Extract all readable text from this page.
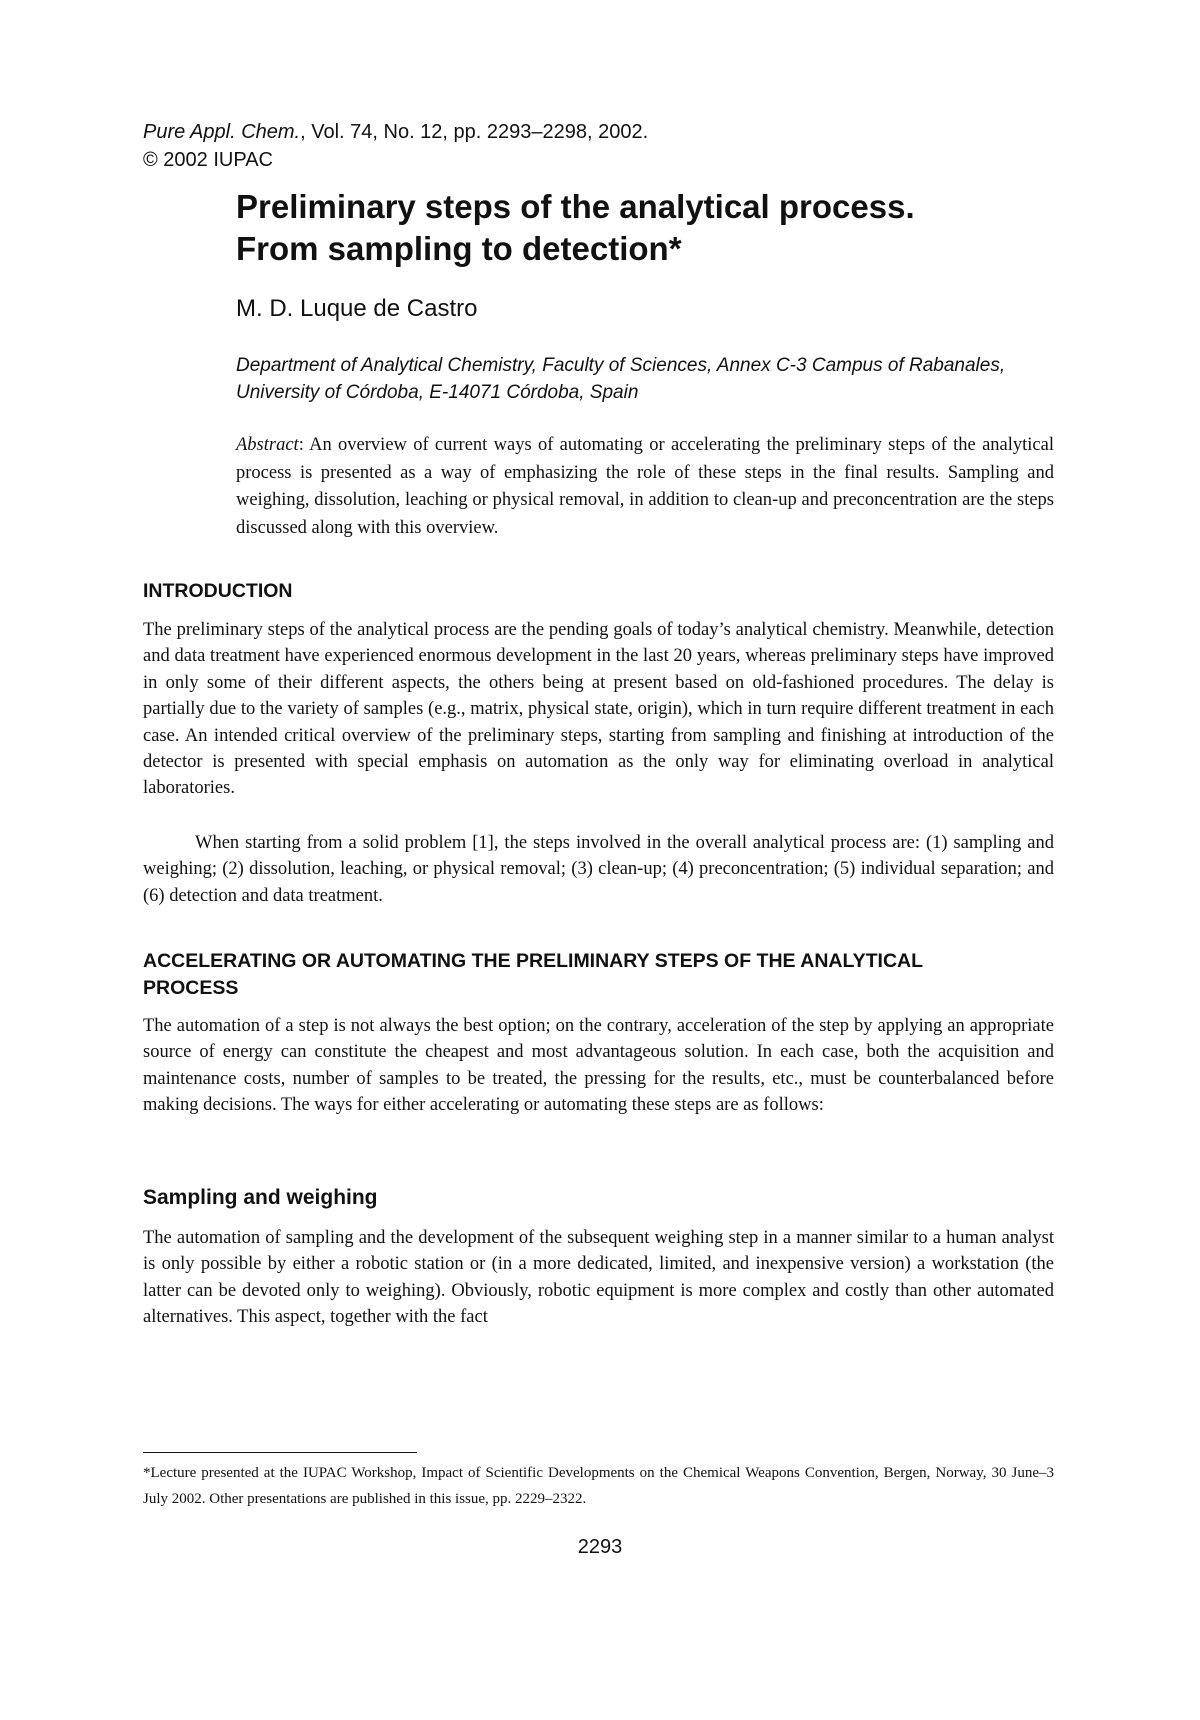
Pure Appl. Chem., Vol. 74, No. 12, pp. 2293–2298, 2002.
© 2002 IUPAC
Preliminary steps of the analytical process.
From sampling to detection*
M. D. Luque de Castro
Department of Analytical Chemistry, Faculty of Sciences, Annex C-3 Campus of Rabanales, University of Córdoba, E-14071 Córdoba, Spain
Abstract: An overview of current ways of automating or accelerating the preliminary steps of the analytical process is presented as a way of emphasizing the role of these steps in the final results. Sampling and weighing, dissolution, leaching or physical removal, in addition to clean-up and preconcentration are the steps discussed along with this overview.
INTRODUCTION

The preliminary steps of the analytical process are the pending goals of today’s analytical chemistry. Meanwhile, detection and data treatment have experienced enormous development in the last 20 years, whereas preliminary steps have improved in only some of their different aspects, the others being at present based on old-fashioned procedures. The delay is partially due to the variety of samples (e.g., matrix, physical state, origin), which in turn require different treatment in each case. An intended critical overview of the preliminary steps, starting from sampling and finishing at introduction of the detector is presented with special emphasis on automation as the only way for eliminating overload in analytical laboratories.

When starting from a solid problem [1], the steps involved in the overall analytical process are: (1) sampling and weighing; (2) dissolution, leaching, or physical removal; (3) clean-up; (4) preconcentration; (5) individual separation; and (6) detection and data treatment.

ACCELERATING OR AUTOMATING THE PRELIMINARY STEPS OF THE ANALYTICAL
PROCESS

The automation of a step is not always the best option; on the contrary, acceleration of the step by applying an appropriate source of energy can constitute the cheapest and most advantageous solution. In each case, both the acquisition and maintenance costs, number of samples to be treated, the pressing for the results, etc., must be counterbalanced before making decisions. The ways for either accelerating or automating these steps are as follows:

Sampling and weighing

The automation of sampling and the development of the subsequent weighing step in a manner similar to a human analyst is only possible by either a robotic station or (in a more dedicated, limited, and inexpensive version) a workstation (the latter can be devoted only to weighing). Obviously, robotic equipment is more complex and costly than other automated alternatives. This aspect, together with the fact

*Lecture presented at the IUPAC Workshop, Impact of Scientific Developments on the Chemical Weapons Convention, Bergen, Norway, 30 June–3 July 2002. Other presentations are published in this issue, pp. 2229–2322.
2293
